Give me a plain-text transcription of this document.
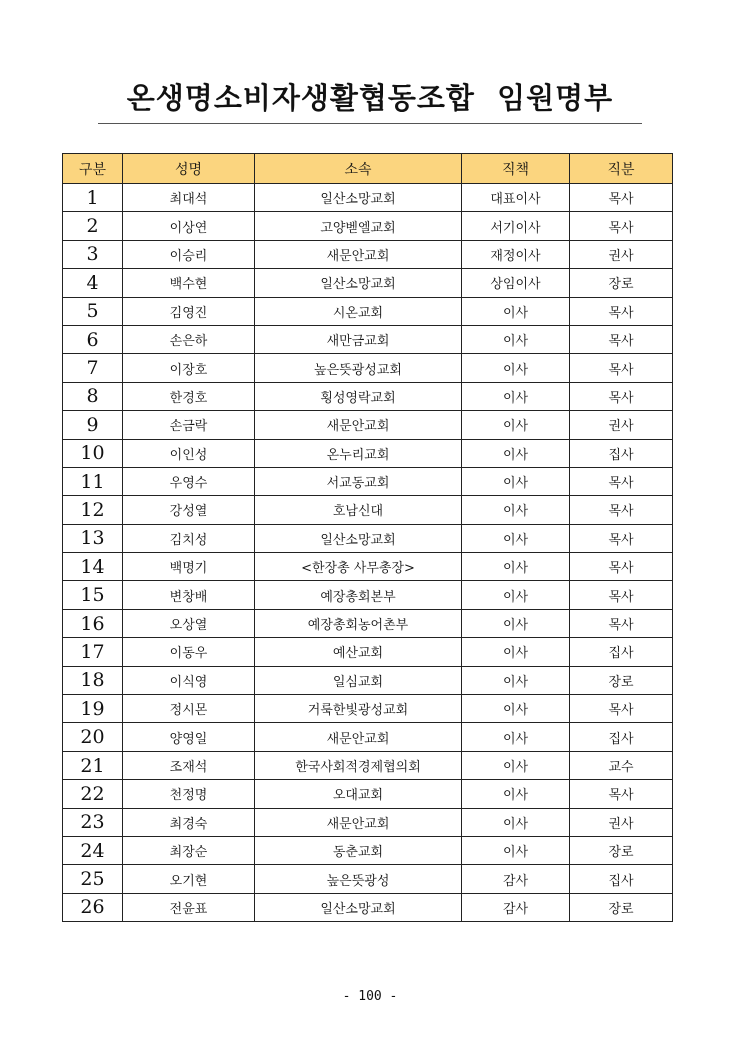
온생명소비자생활협동조합  임원명부
구분	성명	소속	직책	직분
1	최대석	일산소망교회	대표이사	목사
2	이상연	고양벧엘교회	서기이사	목사
3	이승리	새문안교회	재정이사	권사
4	백수현	일산소망교회	상임이사	장로
5	김영진	시온교회	이사	목사
6	손은하	새만금교회	이사	목사
7	이장호	높은뜻광성교회	이사	목사
8	한경호	횡성영락교회	이사	목사
9	손금락	새문안교회	이사	권사
10	이인성	온누리교회	이사	집사
11	우영수	서교동교회	이사	목사
12	강성열	호남신대	이사	목사
13	김치성	일산소망교회	이사	목사
14	백명기	<한장총 사무총장>	이사	목사
15	변창배	예장총회본부	이사	목사
16	오상열	예장총회농어촌부	이사	목사
17	이동우	예산교회	이사	집사
18	이식영	일심교회	이사	장로
19	정시몬	거룩한빛광성교회	이사	목사
20	양영일	새문안교회	이사	집사
21	조재석	한국사회적경제협의회	이사	교수
22	천정명	오대교회	이사	목사
23	최경숙	새문안교회	이사	권사
24	최장순	동춘교회	이사	장로
25	오기현	높은뜻광성	감사	집사
26	전윤표	일산소망교회	감사	장로
- 100 -
